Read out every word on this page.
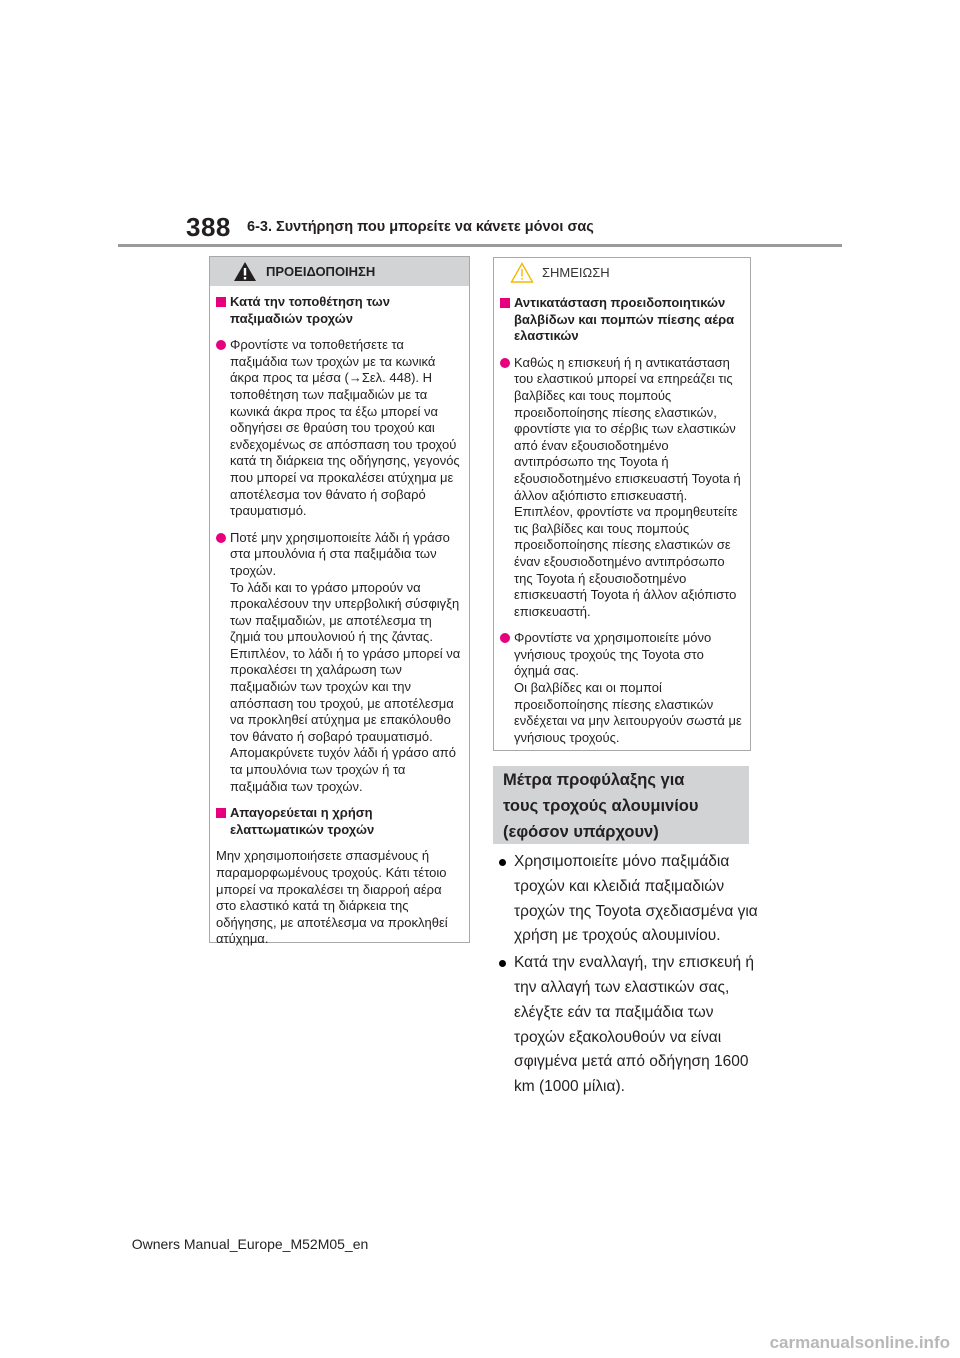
388 6-3. Συντήρηση που μπορείτε να κάνετε μόνοι σας
ΠΡΟΕΙΔΟΠΟΙΗΣΗ
Κατά την τοποθέτηση των παξιμαδιών τροχών
Φροντίστε να τοποθετήσετε τα παξιμάδια των τροχών με τα κωνικά άκρα προς τα μέσα (→Σελ. 448). Η τοποθέτηση των παξιμαδιών με τα κωνικά άκρα προς τα έξω μπορεί να οδηγήσει σε θραύση του τροχού και ενδεχομένως σε απόσπαση του τροχού κατά τη διάρκεια της οδήγησης, γεγονός που μπορεί να προκαλέσει ατύχημα με αποτέλεσμα τον θάνατο ή σοβαρό τραυματισμό.

Ποτέ μην χρησιμοποιείτε λάδι ή γράσο στα μπουλόνια ή στα παξιμάδια των τροχών.

Το λάδι και το γράσο μπορούν να προκαλέσουν την υπερβολική σύσφιγξη των παξιμαδιών, με αποτέλεσμα τη ζημιά του μπουλονιού ή της ζάντας. Επιπλέον, το λάδι ή το γράσο μπορεί να προκαλέσει τη χαλάρωση των παξιμαδιών των τροχών και την απόσπαση του τροχού, με αποτέλεσμα να προκληθεί ατύχημα με επακόλουθο τον θάνατο ή σοβαρό τραυματισμό. Απομακρύνετε τυχόν λάδι ή γράσο από τα μπουλόνια των τροχών ή τα παξιμάδια των τροχών.

Απαγορεύεται η χρήση ελαττωματικών τροχών

Μην χρησιμοποιήσετε σπασμένους ή παραμορφωμένους τροχούς. Κάτι τέτοιο μπορεί να προκαλέσει τη διαρροή αέρα στο ελαστικό κατά τη διάρκεια της οδήγησης, με αποτέλεσμα να προκληθεί ατύχημα.

ΣΗΜΕΙΩΣΗ
Αντικατάσταση προειδοποιητικών βαλβίδων και πομπών πίεσης αέρα ελαστικών
Καθώς η επισκευή ή η αντικατάσταση του ελαστικού μπορεί να επηρεάζει τις βαλβίδες και τους πομπούς προειδοποίησης πίεσης ελαστικών, φροντίστε για το σέρβις των ελαστικών από έναν εξουσιοδοτημένο αντιπρόσωπο της Toyota ή εξουσιοδοτημένο επισκευαστή Toyota ή άλλον αξιόπιστο επισκευαστή. Επιπλέον, φροντίστε να προμηθευτείτε τις βαλβίδες και τους πομπούς προειδοποίησης πίεσης ελαστικών σε έναν εξουσιοδοτημένο αντιπρόσωπο της Toyota ή εξουσιοδοτημένο επισκευαστή Toyota ή άλλον αξιόπιστο επισκευαστή.

Φροντίστε να χρησιμοποιείτε μόνο γνήσιους τροχούς της Toyota στο όχημά σας.

Οι βαλβίδες και οι πομποί προειδοποίησης πίεσης ελαστικών ενδέχεται να μην λειτουργούν σωστά με γνήσιους τροχούς.

Μέτρα προφύλαξης για
τους τροχούς αλουμινίου
(εφόσον υπάρχουν)
Χρησιμοποιείτε μόνο παξιμάδια τροχών και κλειδιά παξιμαδιών τροχών της Toyota σχεδιασμένα για χρήση με τροχούς αλουμινίου.
Κατά την εναλλαγή, την επισκευή ή την αλλαγή των ελαστικών σας, ελέγξτε εάν τα παξιμάδια των τροχών εξακολουθούν να είναι σφιγμένα μετά από οδήγηση 1600 km (1000 μίλια).
Owners Manual_Europe_M52M05_en
carmanualsonline.info
